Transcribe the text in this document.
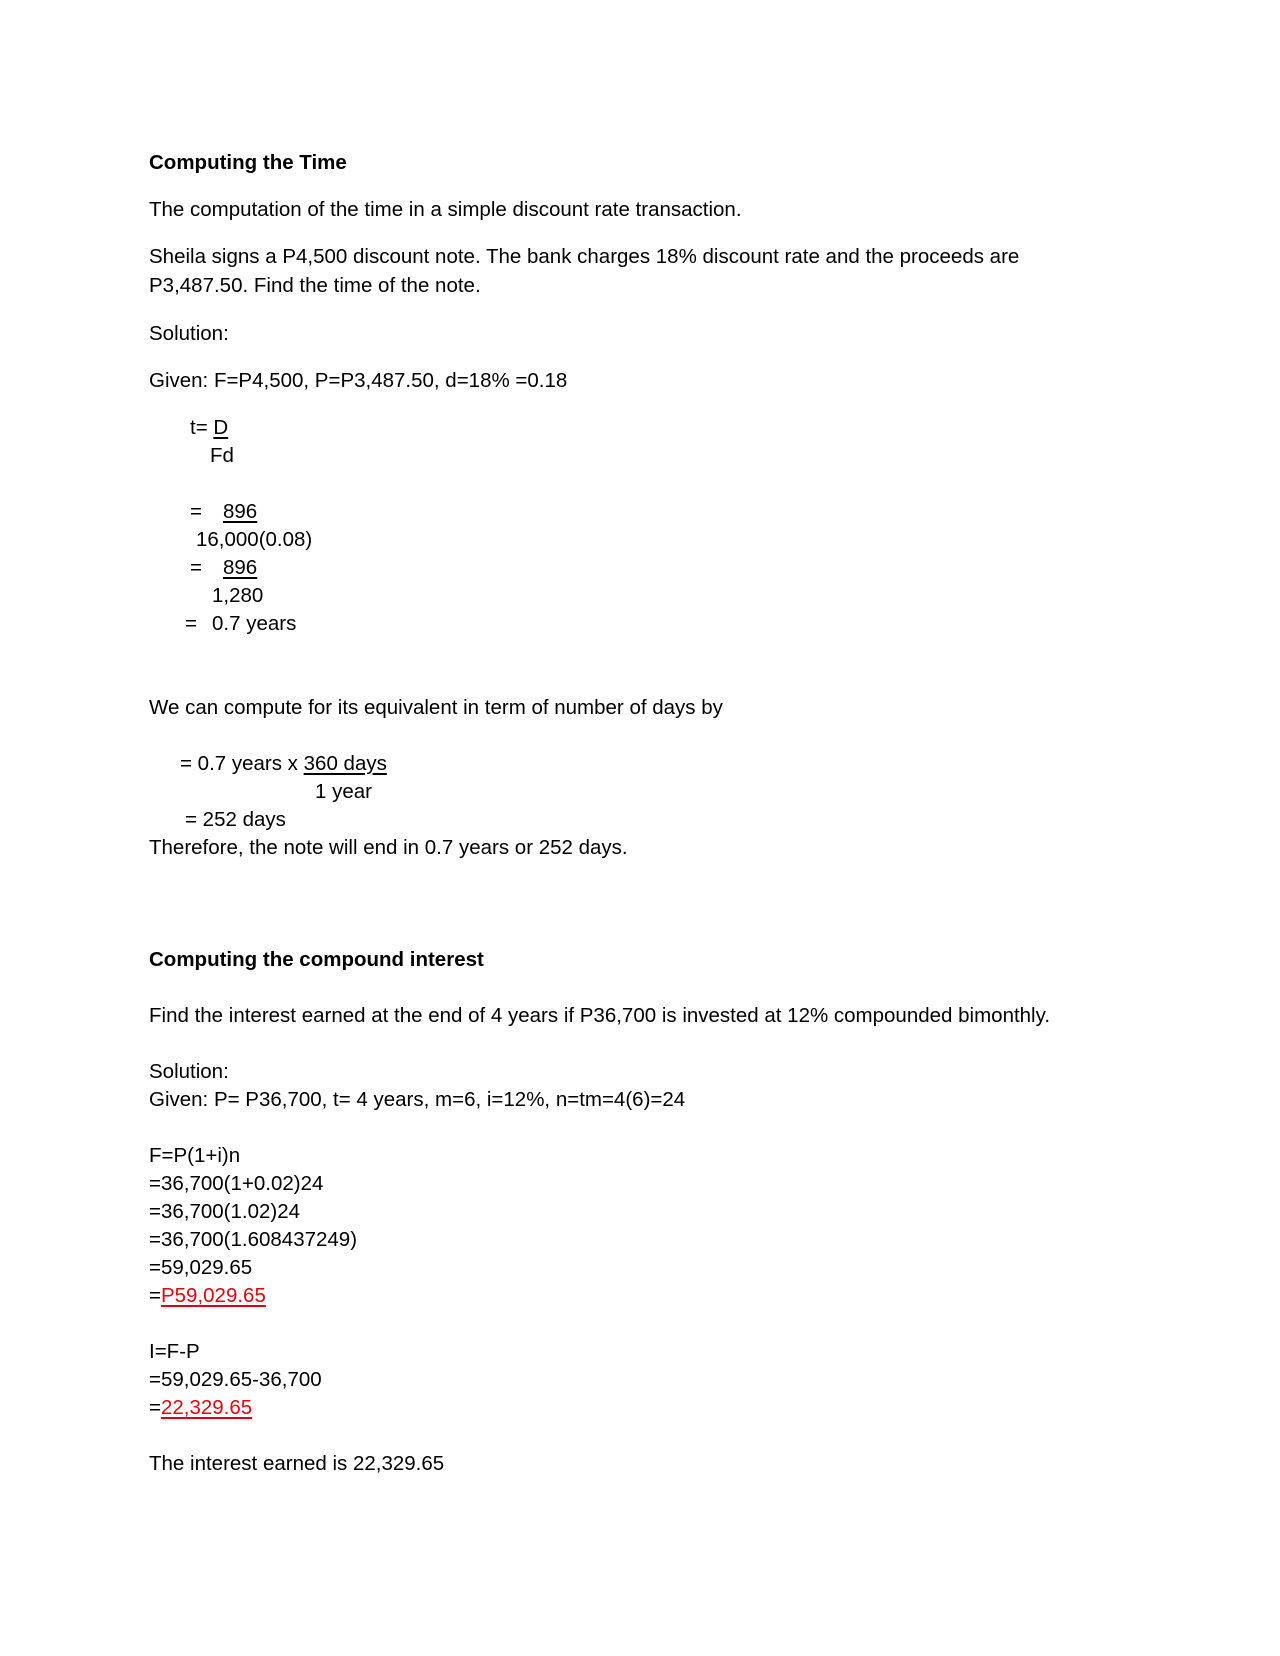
Computing the Time

The computation of the time in a simple discount rate transaction.

Sheila signs a P4,500 discount note. The bank charges 18% discount rate and the proceeds are

P3,487.50. Find the time of the note.

Solution:

Given: F=P4,500, P=P3,487.50, d=18% =0.18

t= D

Fd

= 896

16,000(0.08)

= 896

1,280

= 0.7 years

We can compute for its equivalent in term of number of days by

= 0.7 years x 360 days

1 year

= 252 days

Therefore, the note will end in 0.7 years or 252 days.

Computing the compound interest

Find the interest earned at the end of 4 years if P36,700 is invested at 12% compounded bimonthly.

Solution:

Given: P= P36,700, t= 4 years, m=6, i=12%, n=tm=4(6)=24

F=P(1+i)n

=36,700(1+0.02)24

=36,700(1.02)24

=36,700(1.608437249)

=59,029.65

=P59,029.65

I=F-P

=59,029.65-36,700

=22,329.65

The interest earned is 22,329.65
